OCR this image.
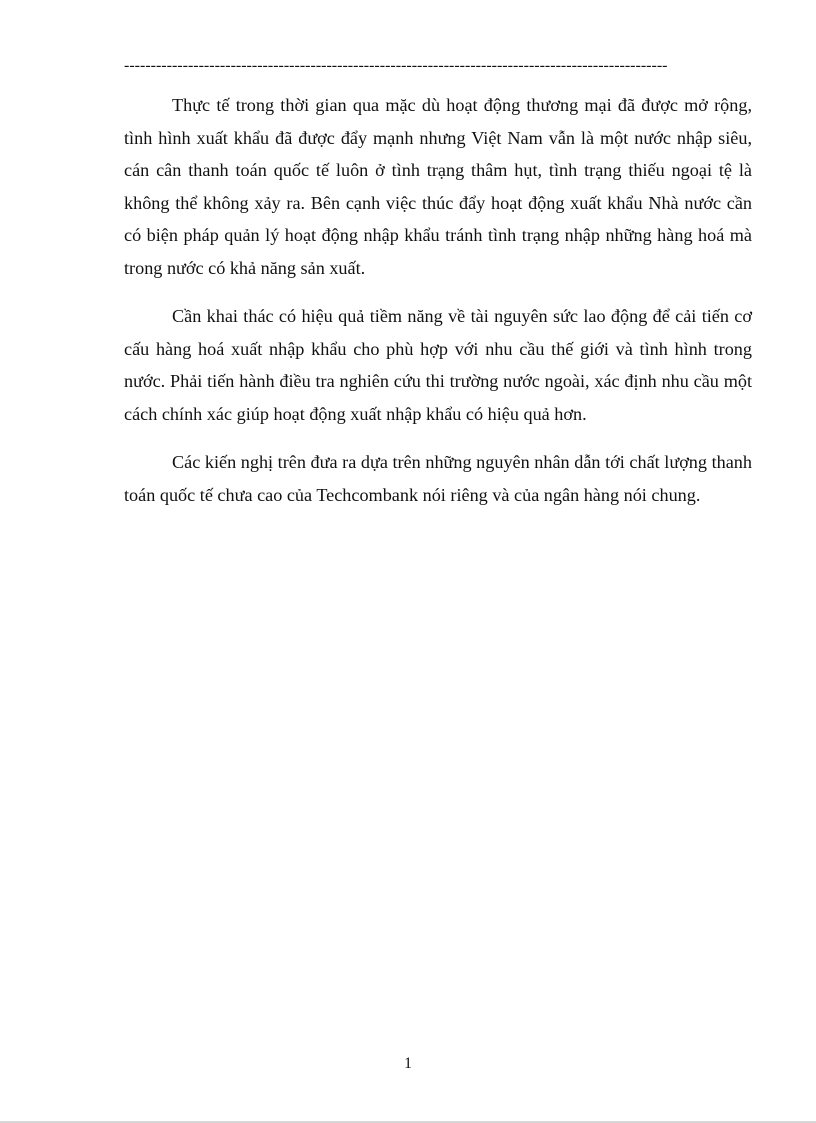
------------------------------------------------------------------------------------------------------

Thực tế trong thời gian qua mặc dù hoạt động thương mại đã được mở rộng, tình hình xuất khẩu đã được đẩy mạnh nhưng Việt Nam vẫn là một nước nhập siêu, cán cân thanh toán quốc tế luôn ở tình trạng thâm hụt, tình trạng thiếu ngoại tệ là không thể không xảy ra. Bên cạnh việc thúc đẩy hoạt động xuất khẩu Nhà nước cần có biện pháp quản lý hoạt động nhập khẩu tránh tình trạng nhập những hàng hoá mà trong nước có khả năng sản xuất.

Cần khai thác có hiệu quả tiềm năng về tài nguyên sức lao động để cải tiến cơ cấu hàng hoá xuất nhập khẩu cho phù hợp với nhu cầu thế giới và tình hình trong nước. Phải tiến hành điều tra nghiên cứu thi trường nước ngoài, xác định nhu cầu một cách chính xác giúp hoạt động xuất nhập khẩu có hiệu quả hơn.

Các kiến nghị trên đưa ra dựa trên những nguyên nhân dẫn tới chất lượng thanh toán quốc tế chưa cao của Techcombank nói riêng và của ngân hàng nói chung.

1
